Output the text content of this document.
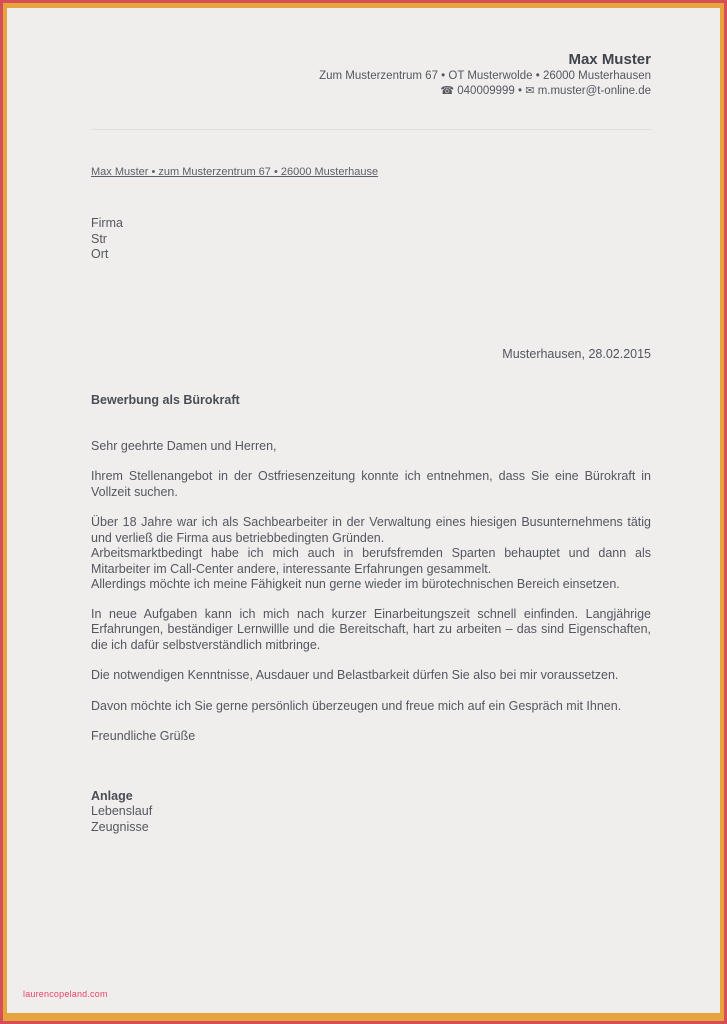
Max Muster
Zum Musterzentrum 67 • OT Musterwolde • 26000 Musterhausen
☎ 040009999 • ✉ m.muster@t-online.de
Max Muster • zum Musterzentrum 67 • 26000 Musterhause
Firma
Str
Ort
Musterhausen, 28.02.2015
Bewerbung als Bürokraft

Sehr geehrte Damen und Herren,

Ihrem Stellenangebot in der Ostfriesenzeitung konnte ich entnehmen, dass Sie eine Bürokraft in Vollzeit suchen.

Über 18 Jahre war ich als Sachbearbeiter in der Verwaltung eines hiesigen Busunternehmens tätig und verließ die Firma aus betriebbedingten Gründen.
Arbeitsmarktbedingt habe ich mich auch in berufsfremden Sparten behauptet und dann als Mitarbeiter im Call-Center andere, interessante Erfahrungen gesammelt.
Allerdings möchte ich meine Fähigkeit nun gerne wieder im bürotechnischen Bereich einsetzen.

In neue Aufgaben kann ich mich nach kurzer Einarbeitungszeit schnell einfinden. Langjährige Erfahrungen, beständiger Lernwillle und die Bereitschaft, hart zu arbeiten – das sind Eigenschaften, die ich dafür selbstverständlich mitbringe.

Die notwendigen Kenntnisse, Ausdauer und Belastbarkeit dürfen Sie also bei mir voraussetzen.

Davon möchte ich Sie gerne persönlich überzeugen und freue mich auf ein Gespräch mit Ihnen.

Freundliche Grüße

Anlage
Lebenslauf
Zeugnisse
laurencopeland.com
